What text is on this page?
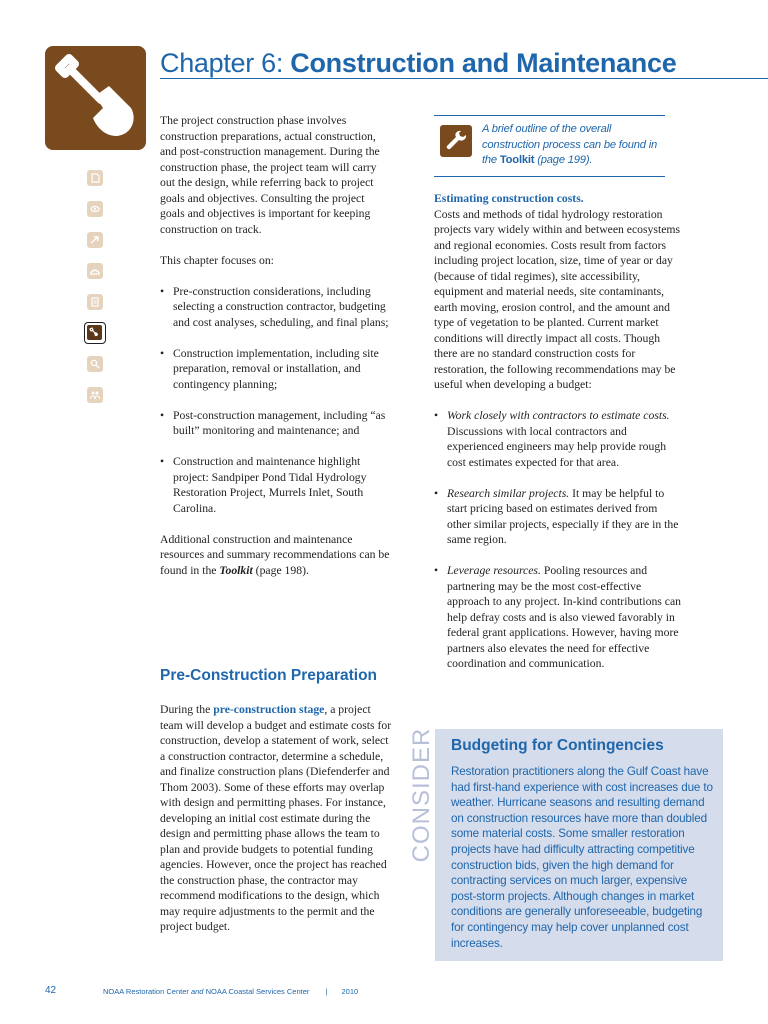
Chapter 6: Construction and Maintenance

The project construction phase involves construction preparations, actual construction, and post-construction management. During the construction phase, the project team will carry out the design, while referring back to project goals and objectives. Consulting the project goals and objectives is important for keeping construction on track.

This chapter focuses on:

• Pre-construction considerations, including selecting a construction contractor, budgeting and cost analyses, scheduling, and final plans;
• Construction implementation, including site preparation, removal or installation, and contingency planning;
• Post-construction management, including “as built” monitoring and maintenance; and
• Construction and maintenance highlight project: Sandpiper Pond Tidal Hydrology Restoration Project, Murrels Inlet, South Carolina.

Additional construction and maintenance resources and summary recommendations can be found in the Toolkit (page 198).

Pre-Construction Preparation

During the pre-construction stage, a project team will develop a budget and estimate costs for construction, develop a statement of work, select a construction contractor, determine a schedule, and finalize construction plans (Diefenderfer and Thom 2003). Some of these efforts may overlap with design and permitting phases. For instance, developing an initial cost estimate during the design and permitting phase allows the team to plan and provide budgets to potential funding agencies. However, once the project has reached the construction phase, the contractor may recommend modifications to the design, which may require adjustments to the permit and the project budget.

A brief outline of the overall construction process can be found in the Toolkit (page 199).

Estimating construction costs.

Costs and methods of tidal hydrology restoration projects vary widely within and between ecosystems and regional economies. Costs result from factors including project location, size, time of year or day (because of tidal regimes), site accessibility, equipment and material needs, site contaminants, earth moving, erosion control, and the amount and type of vegetation to be planted. Current market conditions will directly impact all costs. Though there are no standard construction costs for restoration, the following recommendations may be useful when developing a budget:

• Work closely with contractors to estimate costs. Discussions with local contractors and experienced engineers may help provide rough cost estimates expected for that area.
• Research similar projects. It may be helpful to start pricing based on estimates derived from other similar projects, especially if they are in the same region.
• Leverage resources. Pooling resources and partnering may be the most cost-effective approach to any project. In-kind contributions can help defray costs and is also viewed favorably in federal grant applications. However, having more partners also elevates the need for effective coordination and communication.
CONSIDER Budgeting for Contingencies
Restoration practitioners along the Gulf Coast have had first-hand experience with cost increases due to weather. Hurricane seasons and resulting demand on construction resources have more than doubled some material costs. Some smaller restoration projects have had difficulty attracting competitive construction bids, given the high demand for contracting services on much larger, expensive post-storm projects. Although changes in market conditions are generally unforeseeable, budgeting for contingency may help cover unplanned cost increases.
42	NOAA Restoration Center and NOAA Coastal Services Center | 2010
